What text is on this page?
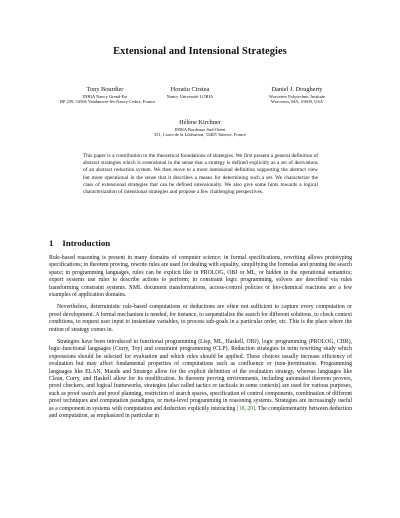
Extensional and Intensional Strategies
Tony Bourdier
INRIA Nancy Grand-Est
BP 239, 54506 Vandœuvre-lès-Nancy Cedex, France
Horatiu Cirstea
Nancy Université LORIA
Daniel J. Dougherty
Worcester Polytechnic Institute
Worcester, MA, 01609, USA
Hélène Kirchner
INRIA Bordeaux Sud-Ouest
351, Cours de la Libération, 33405 Talence, France
This paper is a contribution to the theoretical foundations of strategies. We first present a general definition of abstract strategies which is extensional in the sense that a strategy is defined explicitly as a set of derivations of an abstract reduction system. We then move to a more intensional definition supporting the abstract view but more operational in the sense that it describes a means for determining such a set. We characterize the class of extensional strategies that can be defined intensionally. We also give some hints towards a logical characterization of intensional strategies and propose a few challenging perspectives.
1 Introduction

Rule-based reasoning is present in many domains of computer science: in formal specifications, rewriting allows prototyping specifications; in theorem proving, rewrite rules are used for dealing with equality, simplifying the formulas and pruning the search space; in programming languages, rules can be explicit like in PROLOG, OBJ or ML, or hidden in the operational semantics; expert systems use rules to describe actions to perform; in constraint logic programming, solvers are described via rules transforming constraint systems. XML document transformations, access-control policies or bio-chemical reactions are a few examples of application domains.

Nevertheless, deterministic rule-based computations or deductions are often not sufficient to capture every computation or proof development. A formal mechanism is needed, for instance, to sequentialize the search for different solutions, to check context conditions, to request user input to instantiate variables, to process sub-goals in a particular order, etc. This is the place where the notion of strategy comes in.

Strategies have been introduced in functional programming (Lisp, ML, Haskell, OBJ), logic programming (PROLOG, CHR), logic-functional languages (Curry, Toy) and constraint programming (CLP). Reduction strategies in term rewriting study which expressions should be selected for evaluation and which rules should be applied. These choices usually increase efficiency of evaluation but may affect fundamental properties of computations such as confluence or (non-)termination. Programming languages like ELAN, Maude and Stratego allow for the explicit definition of the evaluation strategy, whereas languages like Clean, Curry, and Haskell allow for its modification. In theorem proving environments, including automated theorem provers, proof checkers, and logical frameworks, strategies (also called tactics or tacticals in some contexts) are used for various purposes, such as proof search and proof planning, restriction of search spaces, specification of control components, combination of different proof techniques and computation paradigms, or meta-level programming in reasoning systems. Strategies are increasingly useful as a component in systems with computation and deduction explicitly interacting [18, 20]. The complementarity between deduction and computation, as emphasized in particular in
